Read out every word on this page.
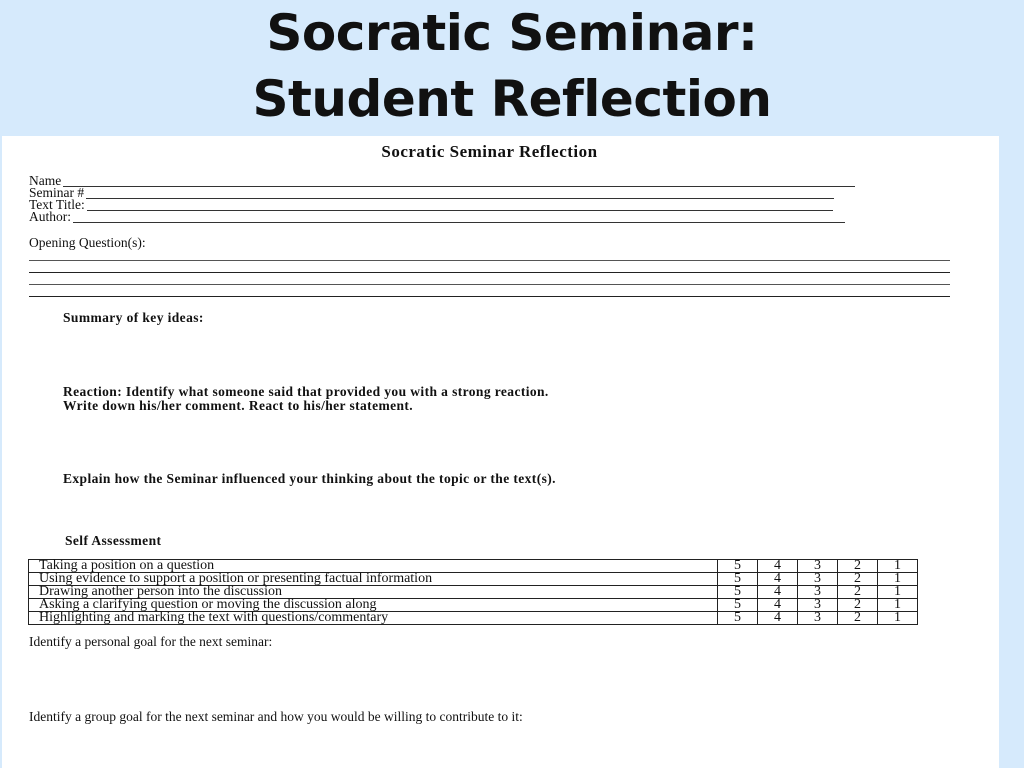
Socratic Seminar:
Student Reflection
Socratic Seminar Reflection
Name
Seminar #
Text Title:
Author:
Opening Question(s):
Summary of key ideas:
Reaction: Identify what someone said that provided you with a strong reaction.
Write down his/her comment. React to his/her statement.
Explain how the Seminar influenced your thinking about the topic or the text(s).
Self Assessment
Taking a position on a question	5	4	3	2	1
Using evidence to support a position or presenting factual information	5	4	3	2	1
Drawing another person into the discussion	5	4	3	2	1
Asking a clarifying question or moving the discussion along	5	4	3	2	1
Highlighting and marking the text with questions/commentary	5	4	3	2	1
Identify a personal goal for the next seminar:
Identify a group goal for the next seminar and how you would be willing to contribute to it:
